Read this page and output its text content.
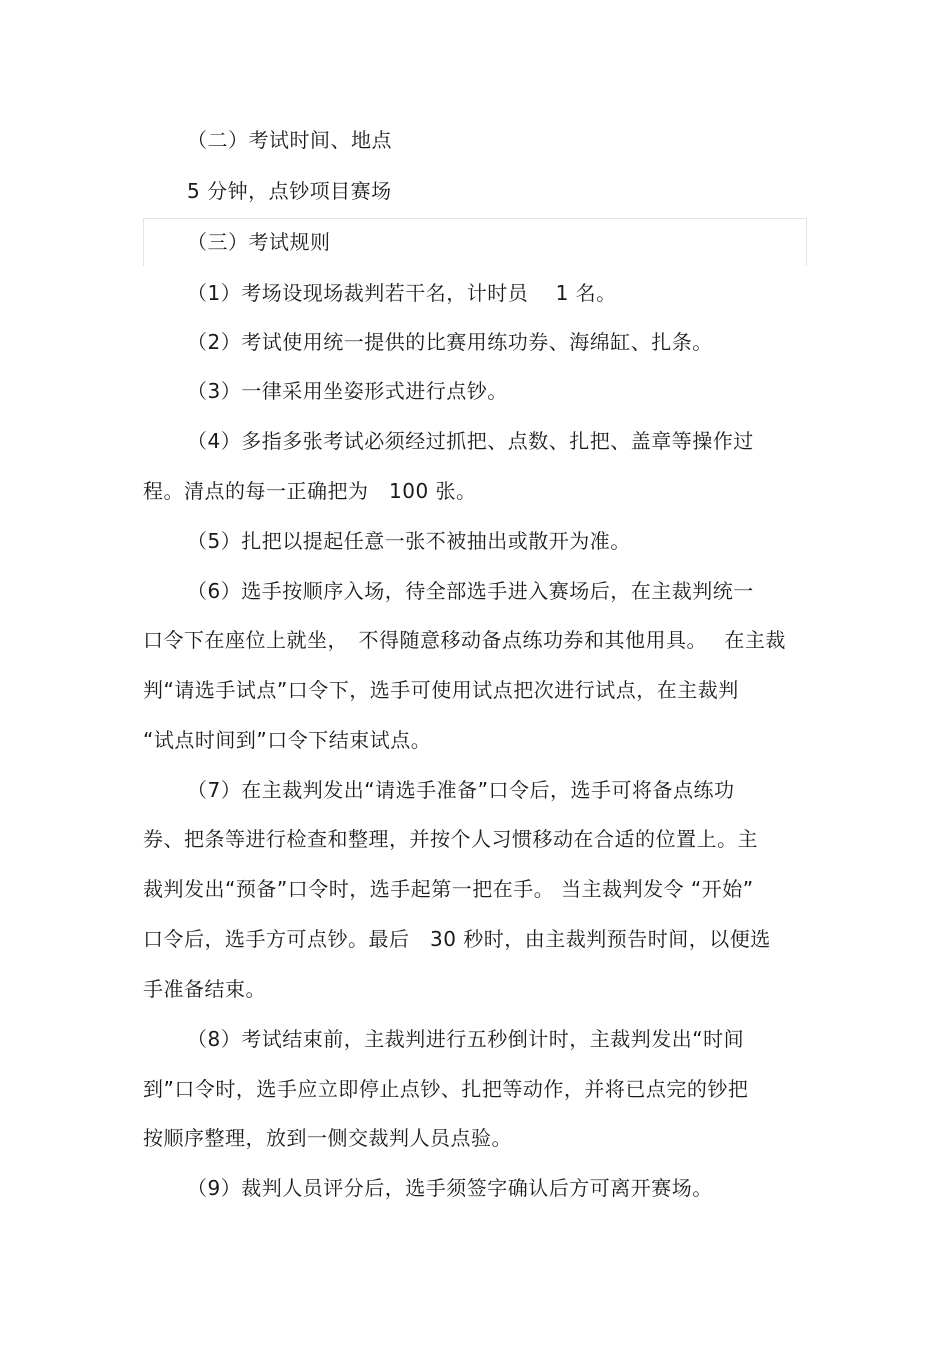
（二）考试时间、地点
5 分钟，点钞项目赛场
（三）考试规则
（1）考场设现场裁判若干名，计时员　 1 名。
（2）考试使用统一提供的比赛用练功券、海绵缸、扎条。
（3）一律采用坐姿形式进行点钞。
（4）多指多张考试必须经过抓把、点数、扎把、盖章等操作过
程。清点的每一正确把为　100 张。
（5）扎把以提起任意一张不被抽出或散开为准。
（6）选手按顺序入场，待全部选手进入赛场后，在主裁判统一
口令下在座位上就坐，　不得随意移动备点练功券和其他用具。　 在主裁
判“请选手试点”口令下，选手可使用试点把次进行试点，在主裁判
“试点时间到”口令下结束试点。
（7）在主裁判发出“请选手准备”口令后，选手可将备点练功
券、把条等进行检查和整理，并按个人习惯移动在合适的位置上。主
裁判发出“预备”口令时，选手起第一把在手。 当主裁判发令 “开始”
口令后，选手方可点钞。最后　30 秒时，由主裁判预告时间，以便选
手准备结束。
（8）考试结束前，主裁判进行五秒倒计时，主裁判发出“时间
到”口令时，选手应立即停止点钞、扎把等动作，并将已点完的钞把
按顺序整理，放到一侧交裁判人员点验。
（9）裁判人员评分后，选手须签字确认后方可离开赛场。
